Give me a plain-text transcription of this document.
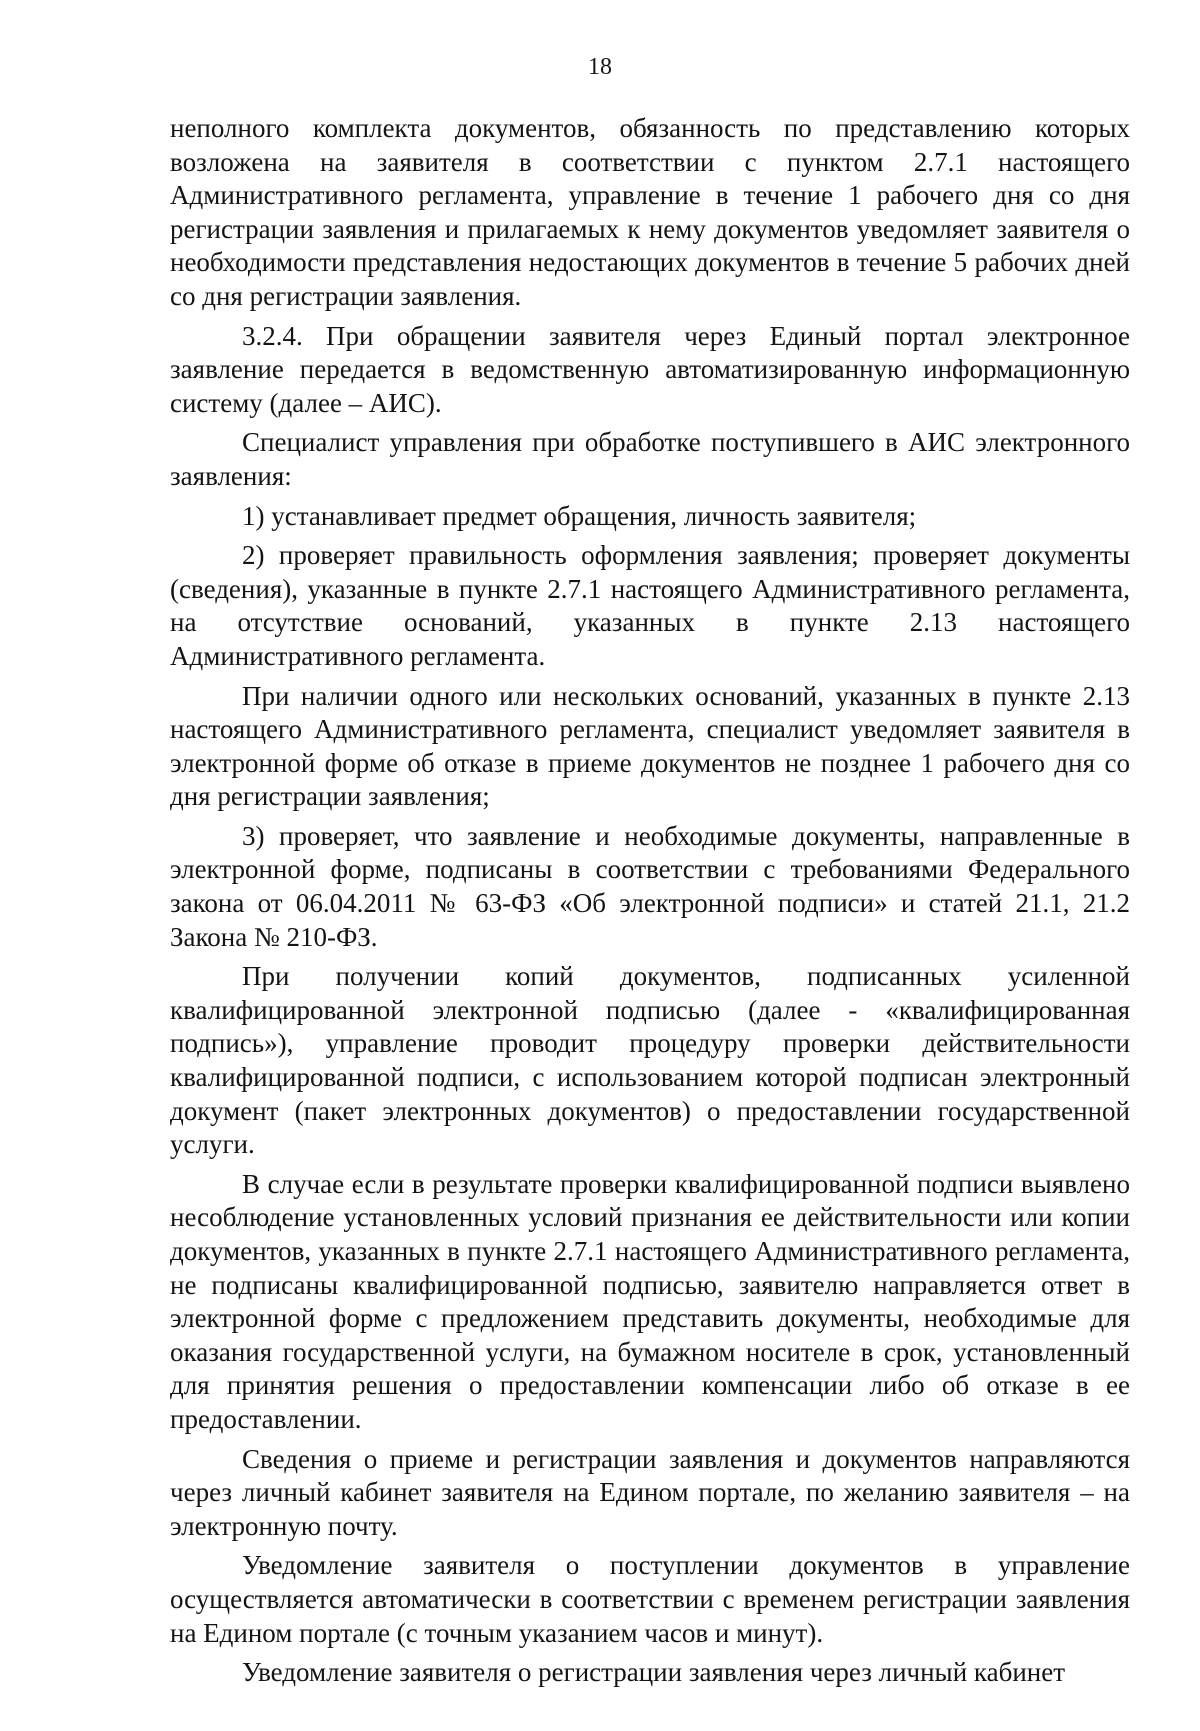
18

неполного комплекта документов, обязанность по представлению которых возложена на заявителя в соответствии с пунктом 2.7.1 настоящего Административного регламента, управление в течение 1 рабочего дня со дня регистрации заявления и прилагаемых к нему документов уведомляет заявителя о необходимости представления недостающих документов в течение 5 рабочих дней со дня регистрации заявления.

3.2.4. При обращении заявителя через Единый портал электронное заявление передается в ведомственную автоматизированную информационную систему (далее – АИС).

Специалист управления при обработке поступившего в АИС электронного заявления:

1) устанавливает предмет обращения, личность заявителя;

2) проверяет правильность оформления заявления; проверяет документы (сведения), указанные в пункте 2.7.1 настоящего Административного регламента, на отсутствие оснований, указанных в пункте 2.13 настоящего Административного регламента.

При наличии одного или нескольких оснований, указанных в пункте 2.13 настоящего Административного регламента, специалист уведомляет заявителя в электронной форме об отказе в приеме документов не позднее 1 рабочего дня со дня регистрации заявления;

3) проверяет, что заявление и необходимые документы, направленные в электронной форме, подписаны в соответствии с требованиями Федерального закона от 06.04.2011 № 63-ФЗ «Об электронной подписи» и статей 21.1, 21.2 Закона № 210-ФЗ.

При получении копий документов, подписанных усиленной квалифицированной электронной подписью (далее - «квалифицированная подпись»), управление проводит процедуру проверки действительности квалифицированной подписи, с использованием которой подписан электронный документ (пакет электронных документов) о предоставлении государственной услуги.

В случае если в результате проверки квалифицированной подписи выявлено несоблюдение установленных условий признания ее действительности или копии документов, указанных в пункте 2.7.1 настоящего Административного регламента, не подписаны квалифицированной подписью, заявителю направляется ответ в электронной форме с предложением представить документы, необходимые для оказания государственной услуги, на бумажном носителе в срок, установленный для принятия решения о предоставлении компенсации либо об отказе в ее предоставлении.

Сведения о приеме и регистрации заявления и документов направляются через личный кабинет заявителя на Едином портале, по желанию заявителя – на электронную почту.

Уведомление заявителя о поступлении документов в управление осуществляется автоматически в соответствии с временем регистрации заявления на Едином портале (с точным указанием часов и минут).

Уведомление заявителя о регистрации заявления через личный кабинет
